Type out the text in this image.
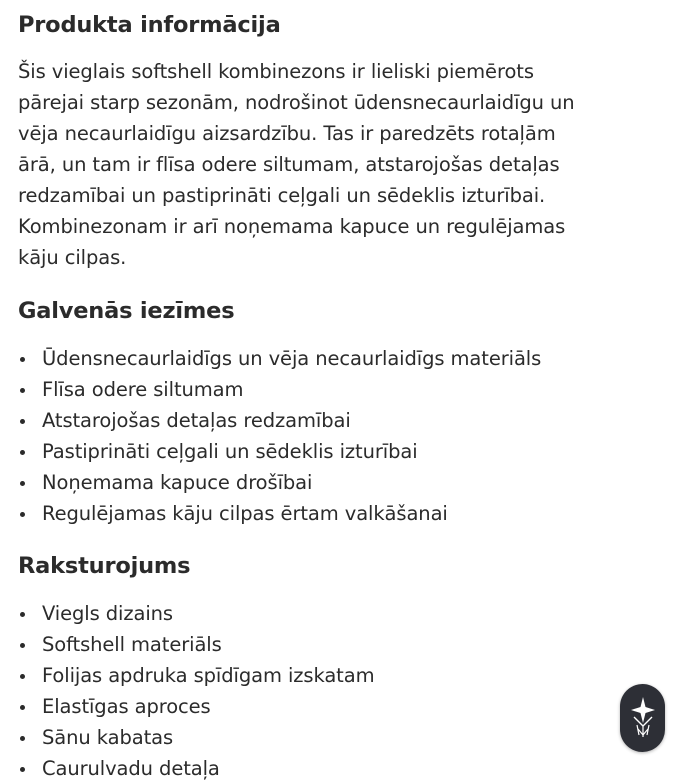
Produkta informācija

Šis vieglais softshell kombinezons ir lieliski piemērots
pārejai starp sezonām, nodrošinot ūdensnecaurlaidīgu un
vēja necaurlaidīgu aizsardzību. Tas ir paredzēts rotaļām
ārā, un tam ir flīsa odere siltumam, atstarojošas detaļas
redzamībai un pastiprināti ceļgali un sēdeklis izturībai.
Kombinezonam ir arī noņemama kapuce un regulējamas
kāju cilpas.

Galvenās iezīmes
Ūdensnecaurlaidīgs un vēja necaurlaidīgs materiāls
Flīsa odere siltumam
Atstarojošas detaļas redzamībai
Pastiprināti ceļgali un sēdeklis izturībai
Noņemama kapuce drošībai
Regulējamas kāju cilpas ērtam valkāšanai
Raksturojums
Viegls dizains
Softshell materiāls
Folijas apdruka spīdīgam izskatam
Elastīgas aproces
Sānu kabatas
Caurulvadu detaļa
